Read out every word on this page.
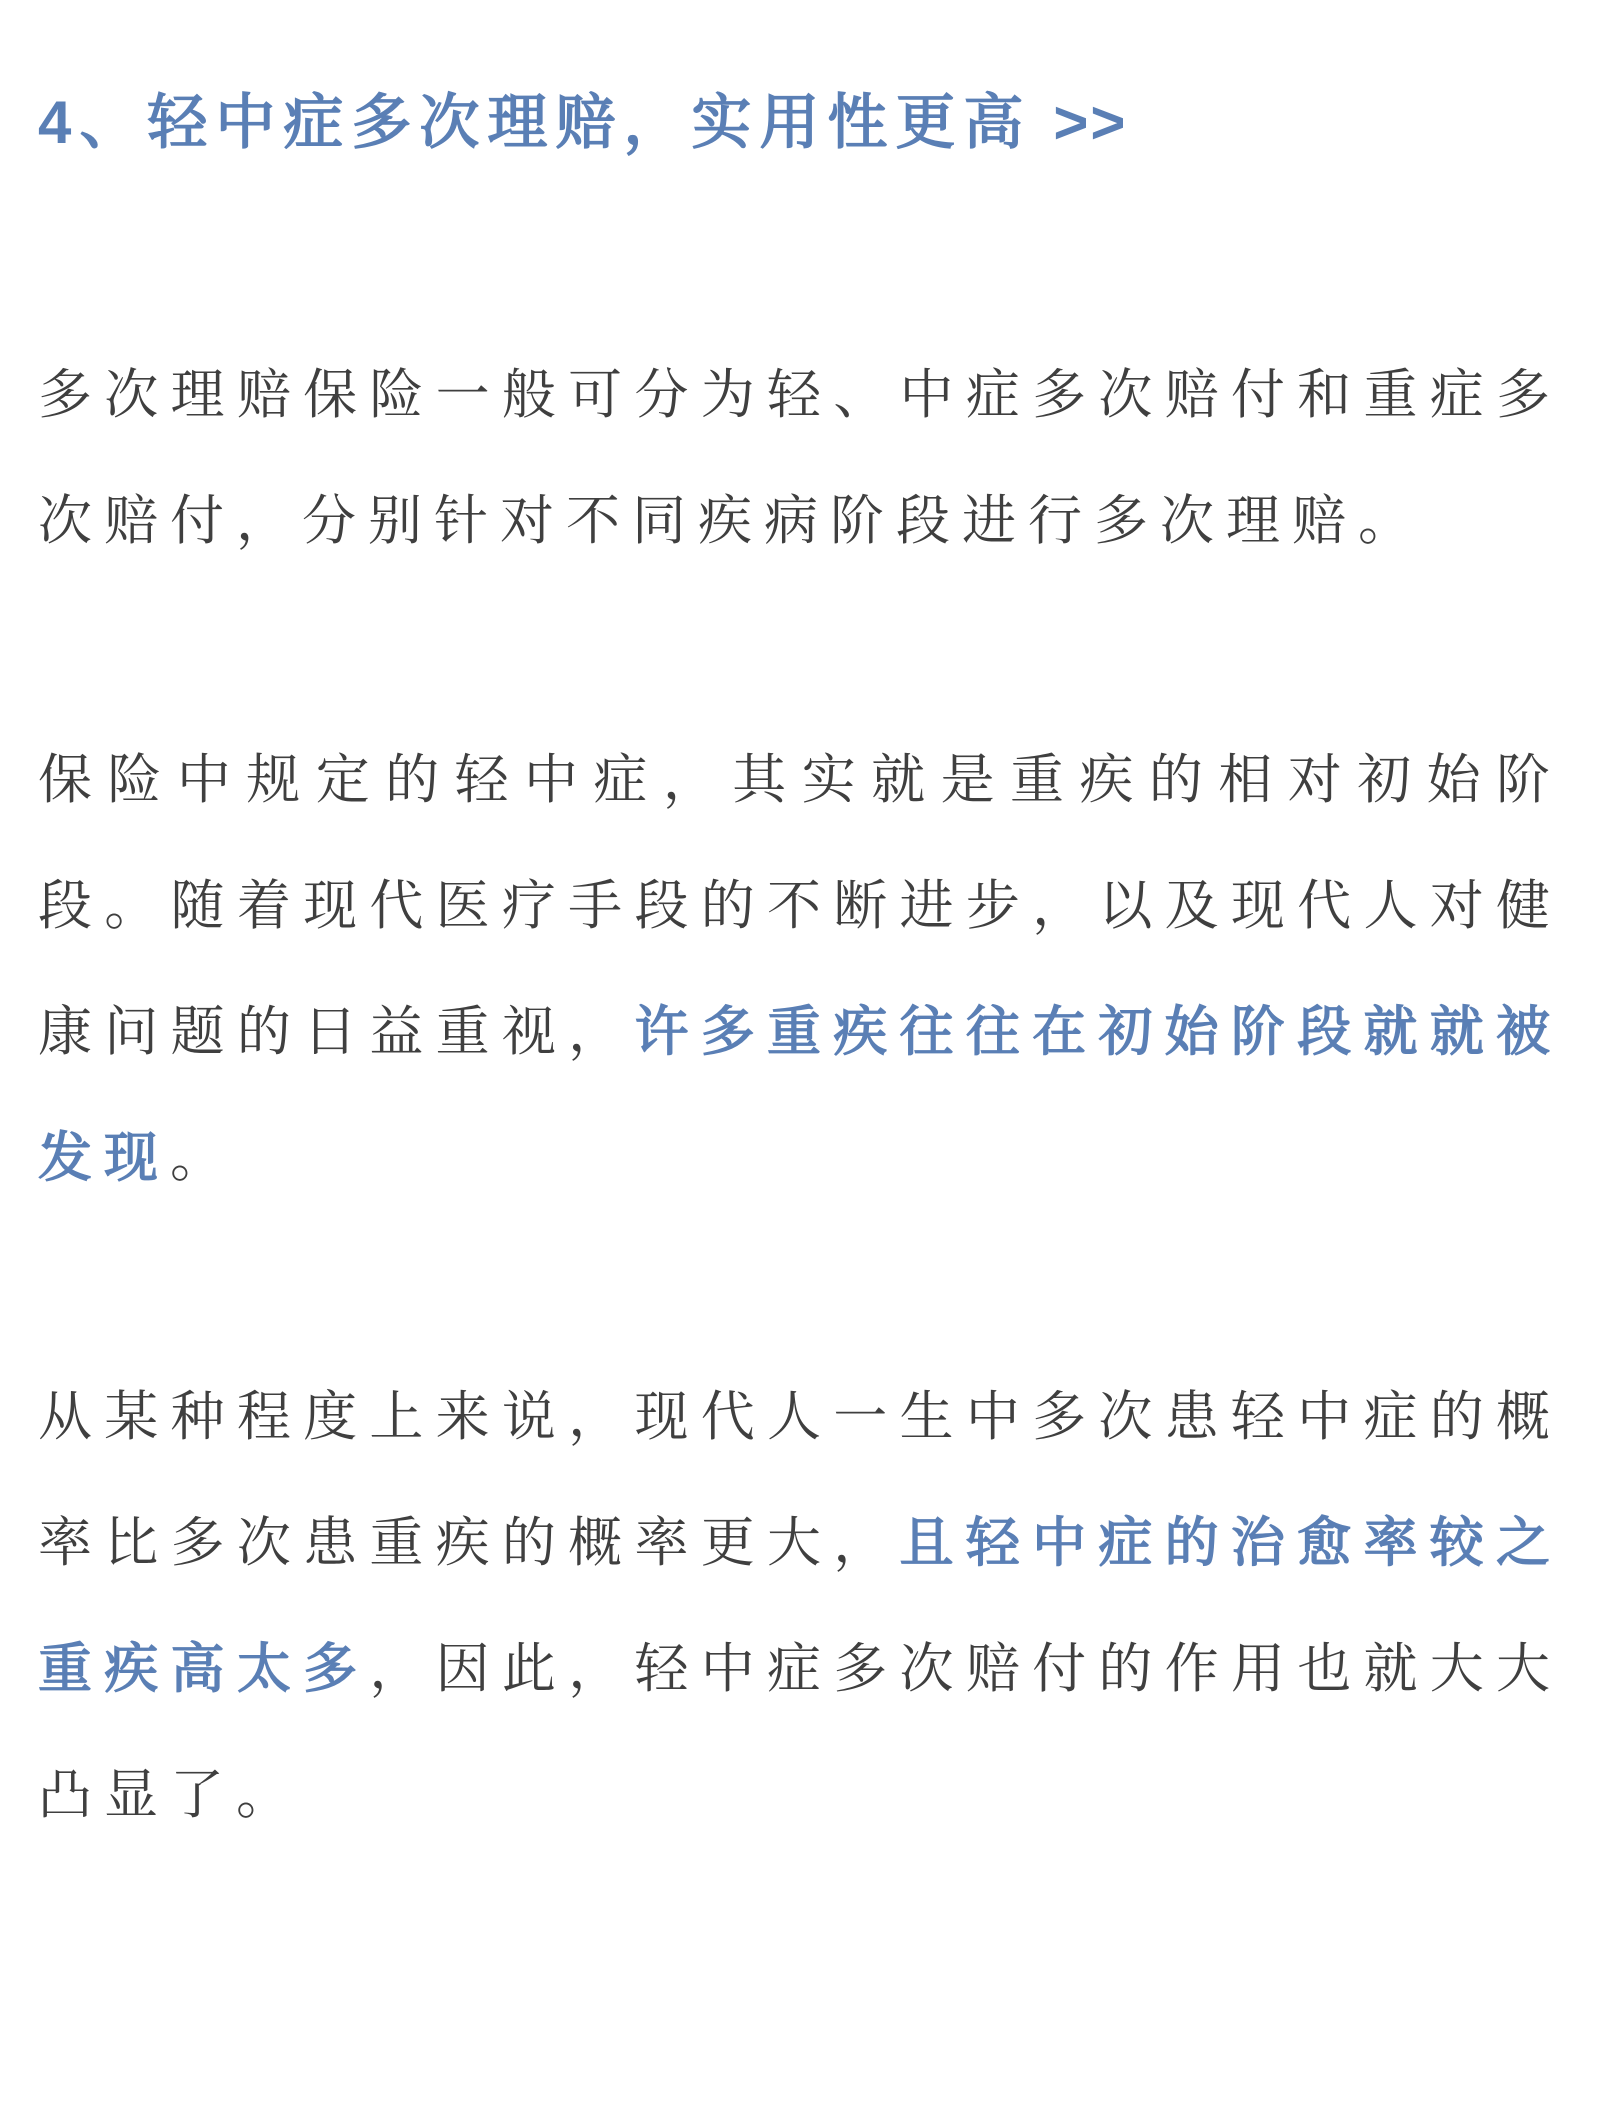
4、轻中症多次理赔，实用性更高 >>

多次理赔保险一般可分为轻、中症多次赔付和重症多次赔付，分别针对不同疾病阶段进行多次理赔。

保险中规定的轻中症，其实就是重疾的相对初始阶段。随着现代医疗手段的不断进步，以及现代人对健康问题的日益重视，许多重疾往往在初始阶段就就被发现。

从某种程度上来说，现代人一生中多次患轻中症的概率比多次患重疾的概率更大，且轻中症的治愈率较之重疾高太多，因此，轻中症多次赔付的作用也就大大凸显了。
